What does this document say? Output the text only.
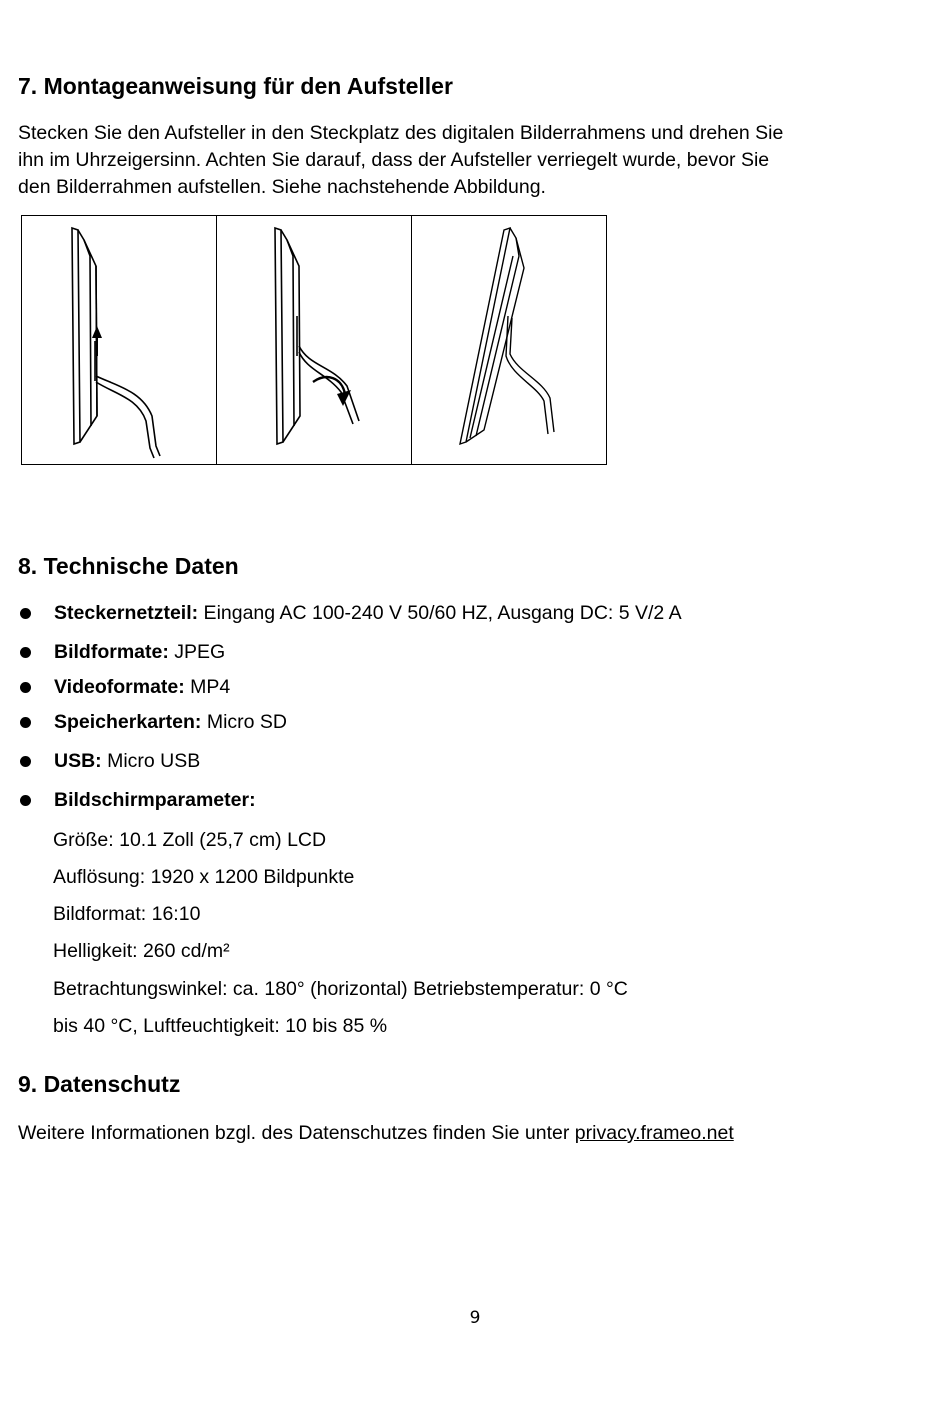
7. Montageanweisung für den Aufsteller
Stecken Sie den Aufsteller in den Steckplatz des digitalen Bilderrahmens und drehen Sie
ihn im Uhrzeigersinn. Achten Sie darauf, dass der Aufsteller verriegelt wurde, bevor Sie
den Bilderrahmen aufstellen. Siehe nachstehende Abbildung.
8. Technische Daten
Steckernetzteil: Eingang AC 100-240 V 50/60 HZ, Ausgang DC: 5 V/2 A
Bildformate: JPEG
Videoformate: MP4
Speicherkarten: Micro SD
USB: Micro USB
Bildschirmparameter:
Größe: 10.1 Zoll (25,7 cm) LCD
Auflösung: 1920 x 1200 Bildpunkte
Bildformat: 16:10
Helligkeit: 260 cd/m²
Betrachtungswinkel: ca. 180° (horizontal) Betriebstemperatur: 0 °C
bis 40 °C, Luftfeuchtigkeit: 10 bis 85 %
9. Datenschutz
Weitere Informationen bzgl. des Datenschutzes finden Sie unter privacy.frameo.net
9
